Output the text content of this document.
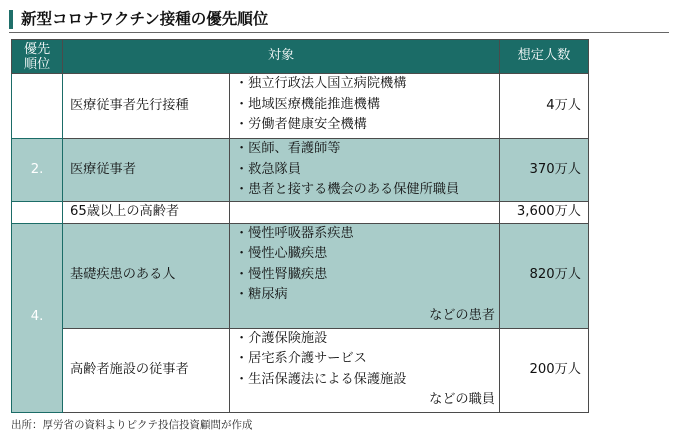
新型コロナワクチン接種の優先順位
優先
順位	対象		想定人数
1.	医療従事者先行接種	・独立行政法人国立病院機構
・地域医療機能推進機構
・労働者健康安全機構	4万人
2.	医療従事者	・医師、看護師等
・救急隊員
・患者と接する機会のある保健所職員	370万人
3.	65歳以上の高齢者		3,600万人
4.	基礎疾患のある人	・慢性呼吸器系疾患
・慢性心臓疾患
・慢性腎臓疾患
・糖尿病
などの患者	820万人
	高齢者施設の従事者	・介護保険施設
・居宅系介護サービス
・生活保護法による保護施設
などの職員	200万人
出所：厚労省の資料よりピクテ投信投資顧問が作成
